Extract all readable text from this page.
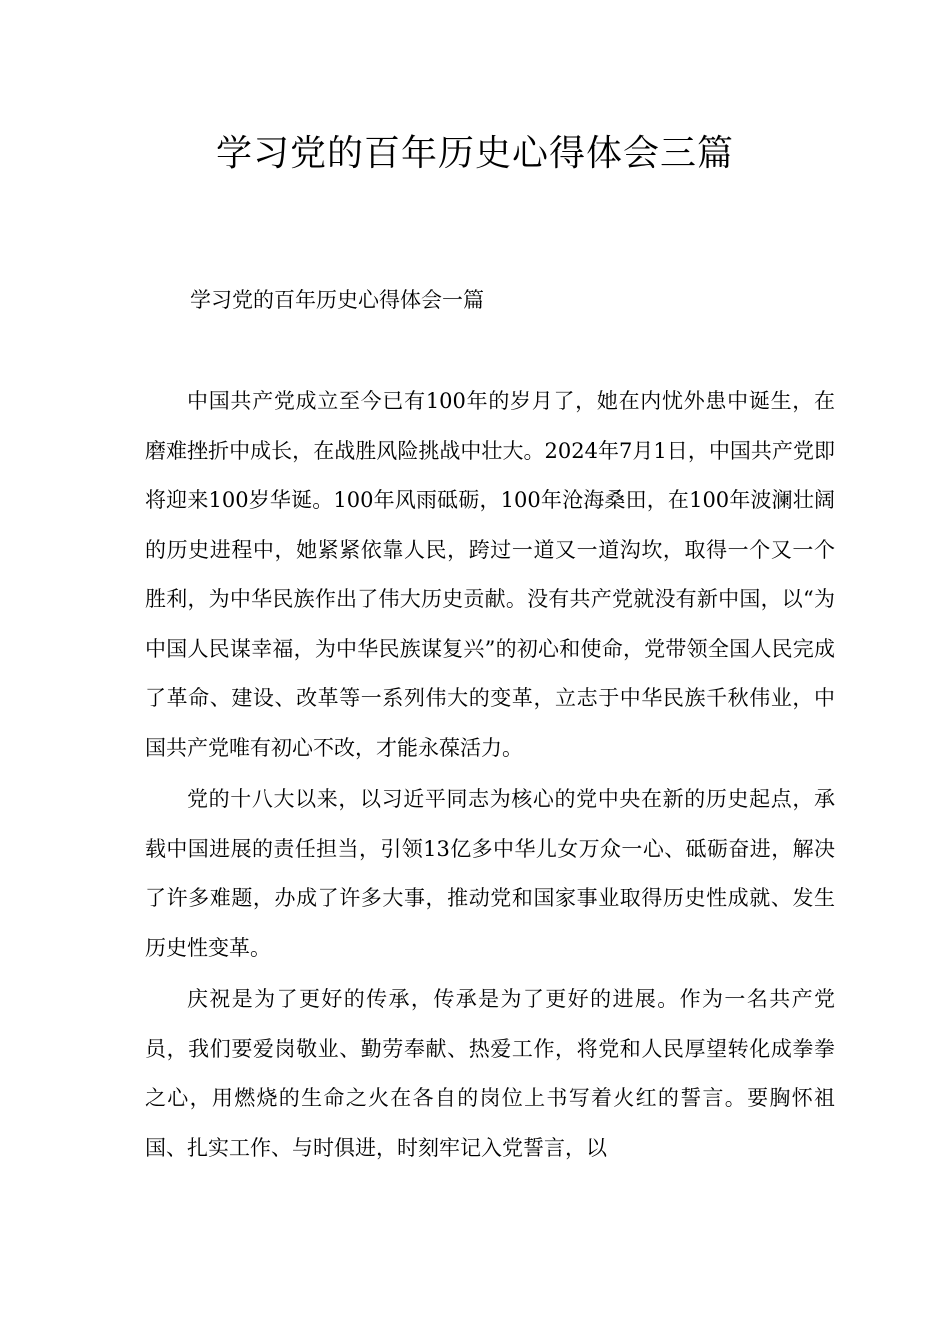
学习党的百年历史心得体会三篇
学习党的百年历史心得体会一篇

中国共产党成立至今已有100年的岁月了，她在内忧外患中诞生，在磨难挫折中成长，在战胜风险挑战中壮大。2024年7月1日，中国共产党即将迎来100岁华诞。100年风雨砥砺，100年沧海桑田，在100年波澜壮阔的历史进程中，她紧紧依靠人民，跨过一道又一道沟坎，取得一个又一个胜利，为中华民族作出了伟大历史贡献。没有共产党就没有新中国，以“为中国人民谋幸福，为中华民族谋复兴”的初心和使命，党带领全国人民完成了革命、建设、改革等一系列伟大的变革，立志于中华民族千秋伟业，中国共产党唯有初心不改，才能永葆活力。

党的十八大以来，以习近平同志为核心的党中央在新的历史起点，承载中国进展的责任担当，引领13亿多中华儿女万众一心、砥砺奋进，解决了许多难题，办成了许多大事，推动党和国家事业取得历史性成就、发生历史性变革。

庆祝是为了更好的传承，传承是为了更好的进展。作为一名共产党员，我们要爱岗敬业、勤劳奉献、热爱工作，将党和人民厚望转化成拳拳之心，用燃烧的生命之火在各自的岗位上书写着火红的誓言。要胸怀祖国、扎实工作、与时俱进，时刻牢记入党誓言，以
